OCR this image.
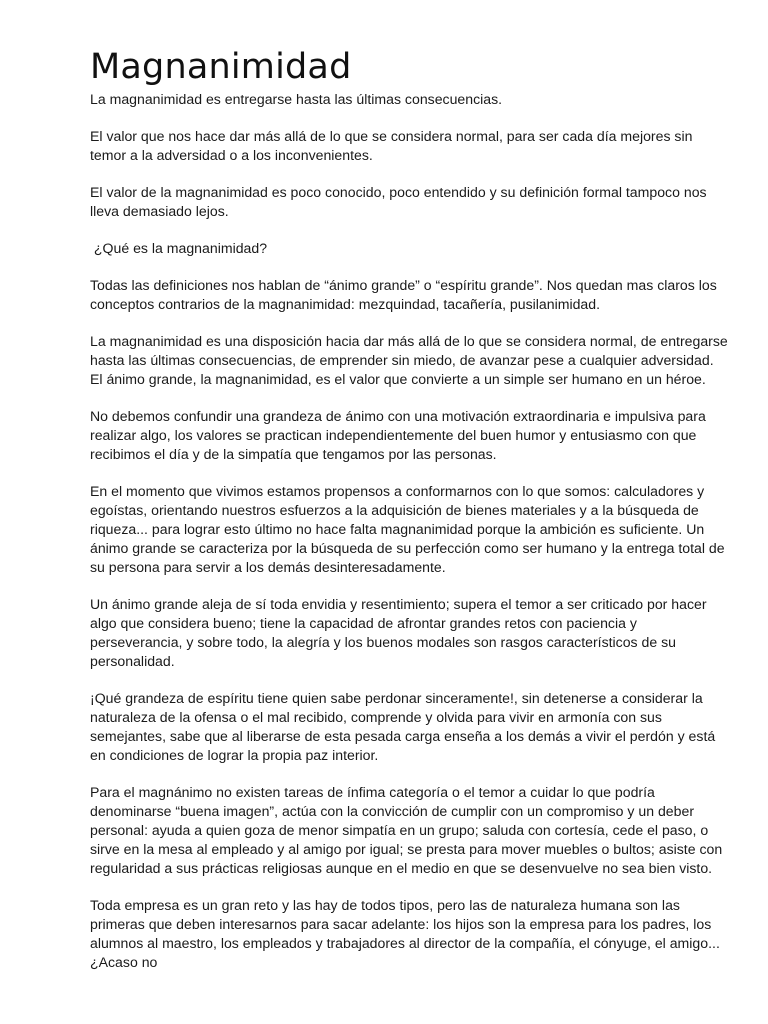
Magnanimidad

La magnanimidad es entregarse hasta las últimas consecuencias.

El valor que nos hace dar más allá de lo que se considera normal, para ser cada día mejores sin temor a la adversidad o a los inconvenientes.

El valor de la magnanimidad es poco conocido, poco entendido y su definición formal tampoco nos lleva demasiado lejos.

¿Qué es la magnanimidad?

Todas las definiciones nos hablan de “ánimo grande” o “espíritu grande”. Nos quedan mas claros los conceptos contrarios de la magnanimidad: mezquindad, tacañería, pusilanimidad.

La magnanimidad es una disposición hacia dar más allá de lo que se considera normal, de entregarse hasta las últimas consecuencias, de emprender sin miedo, de avanzar pese a cualquier adversidad. El ánimo grande, la magnanimidad, es el valor que convierte a un simple ser humano en un héroe.

No debemos confundir una grandeza de ánimo con una motivación extraordinaria e impulsiva para realizar algo, los valores se practican independientemente del buen humor y entusiasmo con que recibimos el día y de la simpatía que tengamos por las personas.

En el momento que vivimos estamos propensos a conformarnos con lo que somos: calculadores y egoístas, orientando nuestros esfuerzos a la adquisición de bienes materiales y a la búsqueda de riqueza... para lograr esto último no hace falta magnanimidad porque la ambición es suficiente. Un ánimo grande se caracteriza por la búsqueda de su perfección como ser humano y la entrega total de su persona para servir a los demás desinteresadamente.

Un ánimo grande aleja de sí toda envidia y resentimiento; supera el temor a ser criticado por hacer algo que considera bueno; tiene la capacidad de afrontar grandes retos con paciencia y perseverancia, y sobre todo, la alegría y los buenos modales son rasgos característicos de su personalidad.

¡Qué grandeza de espíritu tiene quien sabe perdonar sinceramente!, sin detenerse a considerar la naturaleza de la ofensa o el mal recibido, comprende y olvida para vivir en armonía con sus semejantes, sabe que al liberarse de esta pesada carga enseña a los demás a vivir el perdón y está en condiciones de lograr la propia paz interior.

Para el magnánimo no existen tareas de ínfima categoría o el temor a cuidar lo que podría denominarse “buena imagen”, actúa con la convicción de cumplir con un compromiso y un deber personal: ayuda a quien goza de menor simpatía en un grupo; saluda con cortesía, cede el paso, o sirve en la mesa al empleado y al amigo por igual; se presta para mover muebles o bultos; asiste con regularidad a sus prácticas religiosas aunque en el medio en que se desenvuelve no sea bien visto.

Toda empresa es un gran reto y las hay de todos tipos, pero las de naturaleza humana son las primeras que deben interesarnos para sacar adelante: los hijos son la empresa para los padres, los alumnos al maestro, los empleados y trabajadores al director de la compañía, el cónyuge, el amigo... ¿Acaso no
